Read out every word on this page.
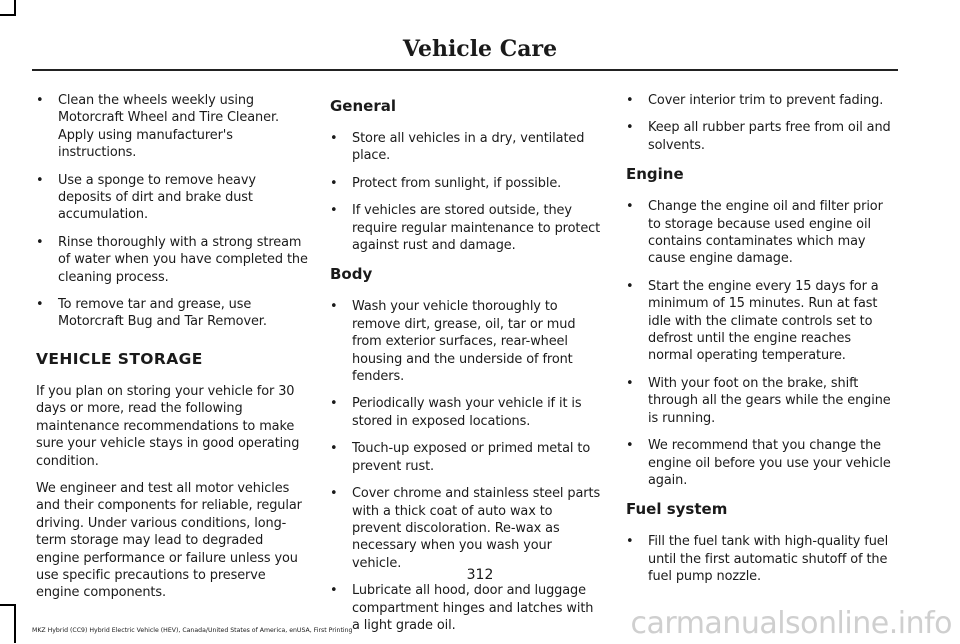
Vehicle Care
• Clean the wheels weekly using Motorcraft Wheel and Tire Cleaner. Apply using manufacturer's instructions.
• Use a sponge to remove heavy deposits of dirt and brake dust accumulation.
• Rinse thoroughly with a strong stream of water when you have completed the cleaning process.
• To remove tar and grease, use Motorcraft Bug and Tar Remover.
VEHICLE STORAGE

If you plan on storing your vehicle for 30 days or more, read the following maintenance recommendations to make sure your vehicle stays in good operating condition.

We engineer and test all motor vehicles and their components for reliable, regular driving. Under various conditions, long-term storage may lead to degraded engine performance or failure unless you use specific precautions to preserve engine components.

General
• Store all vehicles in a dry, ventilated place.
• Protect from sunlight, if possible.
• If vehicles are stored outside, they require regular maintenance to protect against rust and damage.
Body
• Wash your vehicle thoroughly to remove dirt, grease, oil, tar or mud from exterior surfaces, rear-wheel housing and the underside of front fenders.
• Periodically wash your vehicle if it is stored in exposed locations.
• Touch-up exposed or primed metal to prevent rust.
• Cover chrome and stainless steel parts with a thick coat of auto wax to prevent discoloration. Re-wax as necessary when you wash your vehicle.
• Lubricate all hood, door and luggage compartment hinges and latches with a light grade oil.
• Cover interior trim to prevent fading.
• Keep all rubber parts free from oil and solvents.
Engine
• Change the engine oil and filter prior to storage because used engine oil contains contaminates which may cause engine damage.
• Start the engine every 15 days for a minimum of 15 minutes. Run at fast idle with the climate controls set to defrost until the engine reaches normal operating temperature.
• With your foot on the brake, shift through all the gears while the engine is running.
• We recommend that you change the engine oil before you use your vehicle again.
Fuel system
• Fill the fuel tank with high-quality fuel until the first automatic shutoff of the fuel pump nozzle.
312
MKZ Hybrid (CC9) Hybrid Electric Vehicle (HEV), Canada/United States of America, enUSA, First Printing	carmanualsonline.info
